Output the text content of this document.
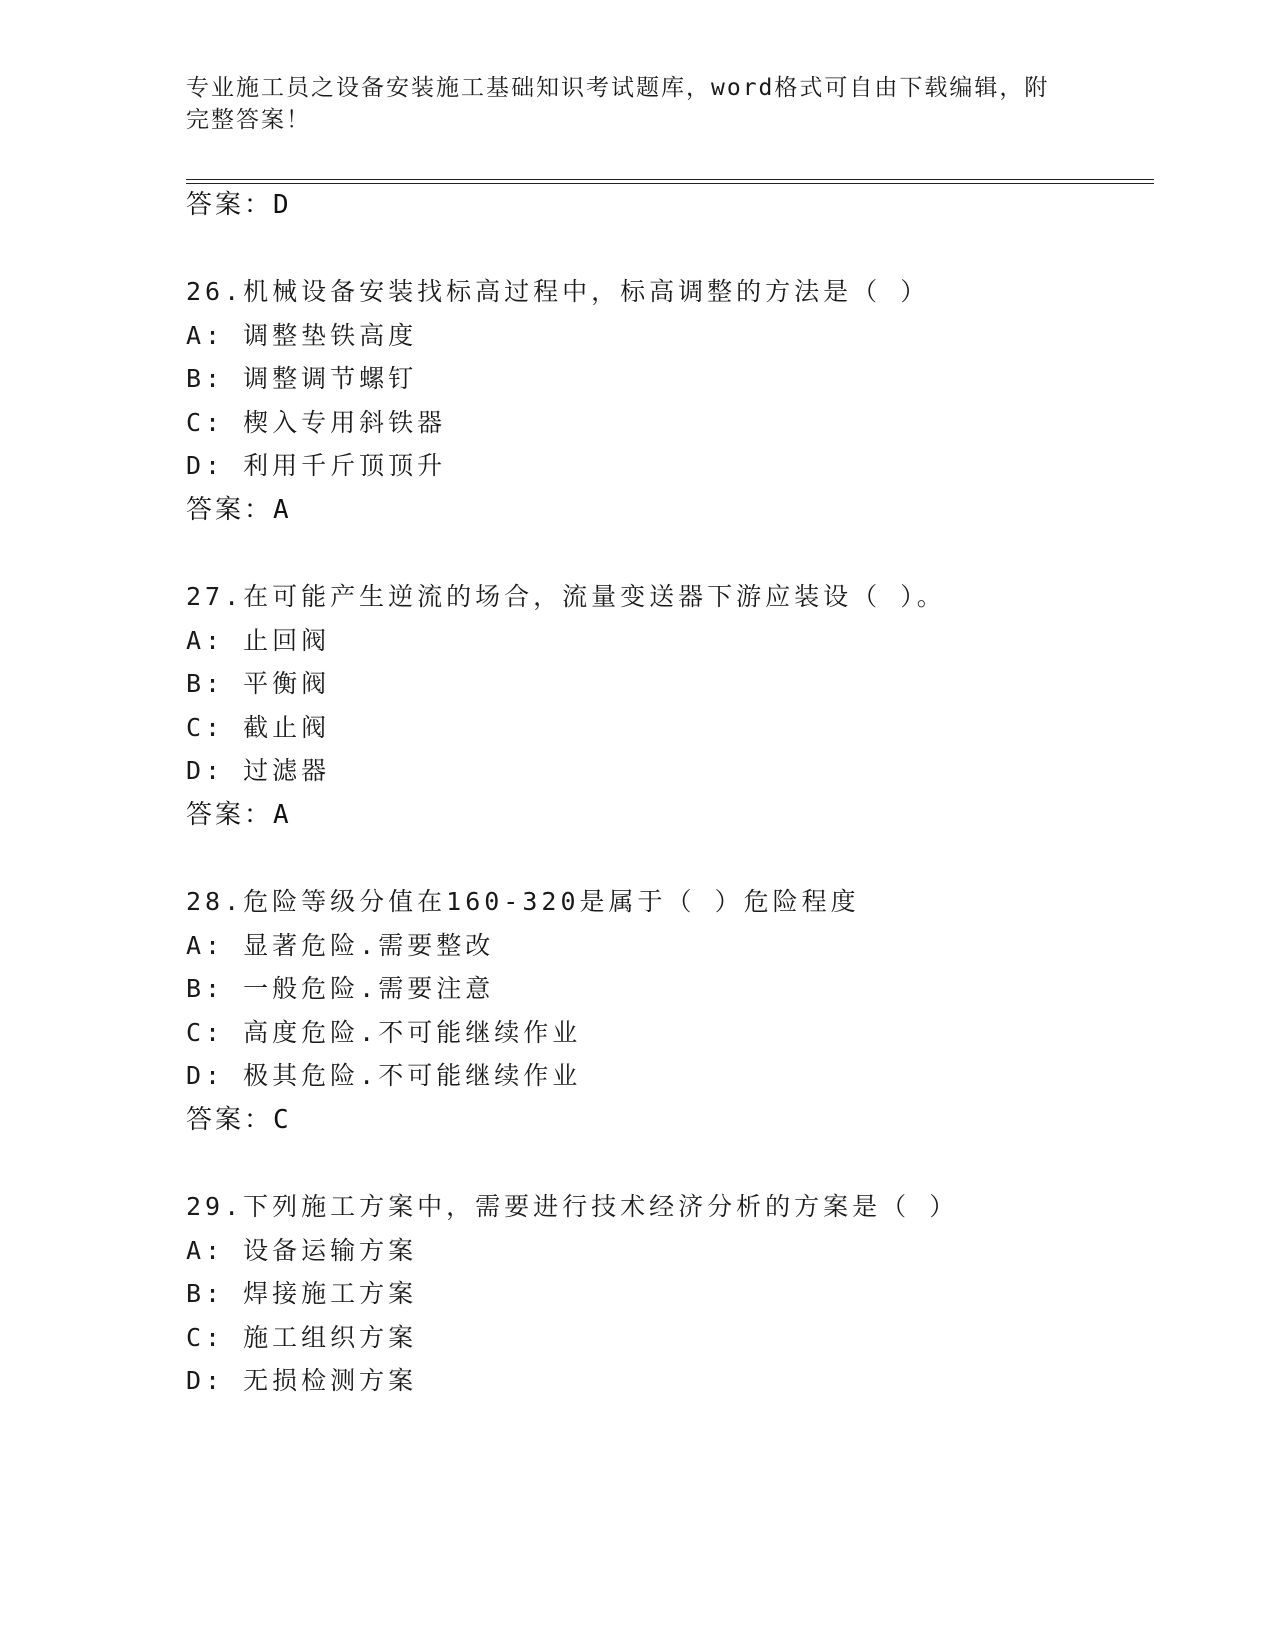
专业施工员之设备安装施工基础知识考试题库，word格式可自由下载编辑，附完整答案！
答案：D
26.机械设备安装找标高过程中，标高调整的方法是（ ）
A: 调整垫铁高度
B: 调整调节螺钉
C: 楔入专用斜铁器
D: 利用千斤顶顶升
答案：A
27.在可能产生逆流的场合，流量变送器下游应装设（ ）。
A: 止回阀
B: 平衡阀
C: 截止阀
D: 过滤器
答案：A
28.危险等级分值在160-320是属于（ ）危险程度
A: 显著危险.需要整改
B: 一般危险.需要注意
C: 高度危险.不可能继续作业
D: 极其危险.不可能继续作业
答案：C
29.下列施工方案中，需要进行技术经济分析的方案是（ ）
A: 设备运输方案
B: 焊接施工方案
C: 施工组织方案
D: 无损检测方案
